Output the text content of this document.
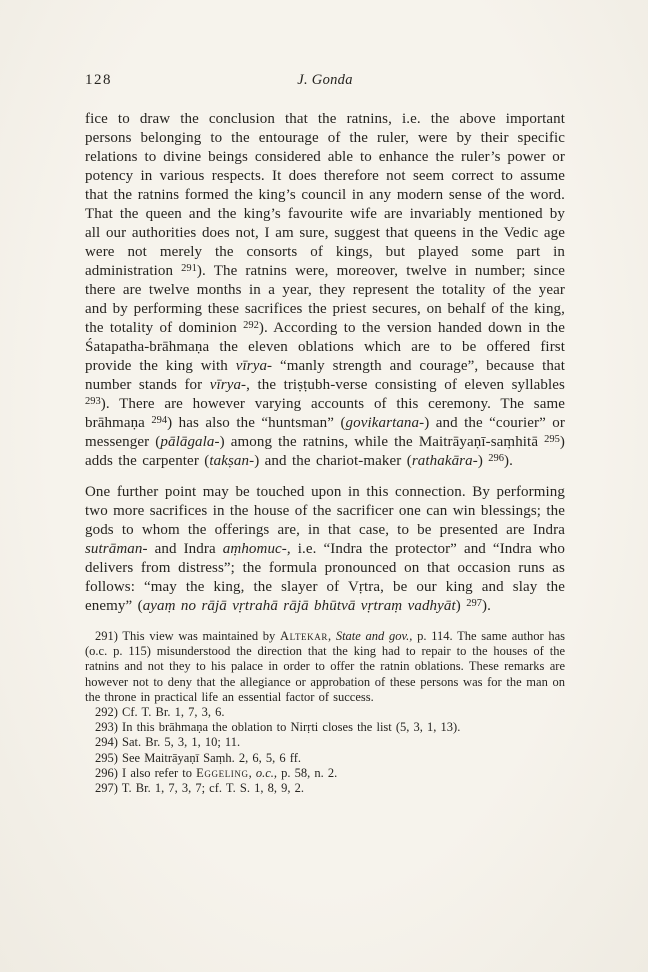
128	J. Gonda

fice to draw the conclusion that the ratnins, i.e. the above important persons belonging to the entourage of the ruler, were by their specific relations to divine beings considered able to enhance the ruler’s power or potency in various respects. It does therefore not seem correct to assume that the ratnins formed the king’s council in any modern sense of the word. That the queen and the king’s favourite wife are invariably mentioned by all our authorities does not, I am sure, suggest that queens in the Vedic age were not merely the consorts of kings, but played some part in administration $^{291}$). The ratnins were, moreover, twelve in number; since there are twelve months in a year, they represent the totality of the year and by performing these sacrifices the priest secures, on behalf of the king, the totality of dominion $^{292}$). According to the version handed down in the Śatapatha-brāhmaṇa the eleven oblations which are to be offered first provide the king with vīrya- “manly strength and courage”, because that number stands for vīrya-, the triṣṭubh-verse consisting of eleven syllables $^{293}$). There are however varying accounts of this ceremony. The same brāhmaṇa $^{294}$) has also the “huntsman” (govikartana-) and the “courier” or messenger (pālāgala-) among the ratnins, while the Maitrāyaṇī-saṃhitā $^{295}$) adds the carpenter (takṣan-) and the chariot-maker (rathakāra-) $^{296}$).

One further point may be touched upon in this connection. By performing two more sacrifices in the house of the sacrificer one can win blessings; the gods to whom the offerings are, in that case, to be presented are Indra sutrāman- and Indra aṃhomuc-, i.e. “Indra the protector” and “Indra who delivers from distress”; the formula pronounced on that occasion runs as follows: “may the king, the slayer of Vṛtra, be our king and slay the enemy” (ayaṃ no rājā vṛtrahā rājā bhūtvā vṛtraṃ vadhyāt) $^{297}$).

291) This view was maintained by Altekar, State and gov., p. 114. The same author has (o.c. p. 115) misunderstood the direction that the king had to repair to the houses of the ratnins and not they to his palace in order to offer the ratnin oblations. These remarks are however not to deny that the allegiance or approbation of these persons was for the man on the throne in practical life an essential factor of success.

292) Cf. T. Br. 1, 7, 3, 6.

293) In this brāhmaṇa the oblation to Nirṛti closes the list (5, 3, 1, 13).

294) Sat. Br. 5, 3, 1, 10; 11.

295) See Maitrāyaṇī Saṃh. 2, 6, 5, 6 ff.

296) I also refer to Eggeling, o.c., p. 58, n. 2.

297) T. Br. 1, 7, 3, 7; cf. T. S. 1, 8, 9, 2.
